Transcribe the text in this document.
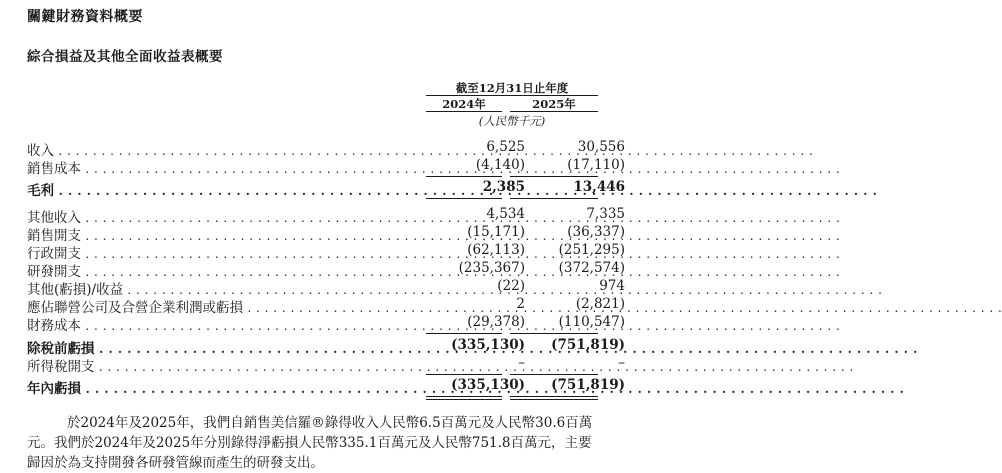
關鍵財務資料概要
綜合損益及其他全面收益表概要
截至12月31日止年度
2024年	2025年
(人民幣千元)
收入 . . .	6,525	30,556
銷售成本 . . .	(4,140)	(17,110)
毛利 . . .	2,385	13,446
其他收入 . . .	4,534	7,335
銷售開支 . . .	(15,171)	(36,337)
行政開支 . . .	(62,113)	(251,295)
研發開支 . . .	(235,367)	(372,574)
其他(虧損)/收益 . . .	(22)	974
應佔聯營公司及合營企業利潤或虧損 . . .	2	(2,821)
財務成本 . . .	(29,378)	(110,547)
除稅前虧損 . . .	(335,130)	(751,819)
所得稅開支 . . .	–	–
年內虧損 . . .	(335,130)	(751,819)
於2024年及2025年，我們自銷售美信羅®錄得收入人民幣6.5百萬元及人民幣30.6百萬元。我們於2024年及2025年分別錄得淨虧損人民幣335.1百萬元及人民幣751.8百萬元，主要歸因於為支持開發各研發管線而產生的研發支出。
